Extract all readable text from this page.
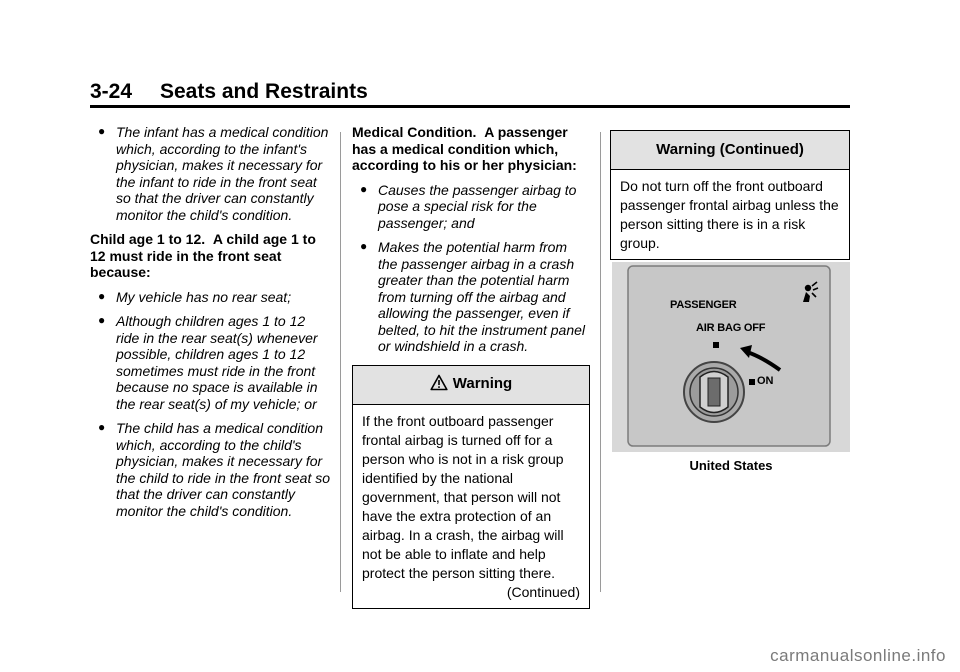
3-24 Seats and Restraints
● The infant has a medical condition which, according to the infant's physician, makes it necessary for the infant to ride in the front seat so that the driver can constantly monitor the child's condition.

Child age 1 to 12. A child age 1 to 12 must ride in the front seat because:

● My vehicle has no rear seat;
● Although children ages 1 to 12 ride in the rear seat(s) whenever possible, children ages 1 to 12 sometimes must ride in the front because no space is available in the rear seat(s) of my vehicle; or
● The child has a medical condition which, according to the child's physician, makes it necessary for the child to ride in the front seat so that the driver can constantly monitor the child's condition.

Medical Condition. A passenger has a medical condition which, according to his or her physician:

● Causes the passenger airbag to pose a special risk for the passenger; and
● Makes the potential harm from the passenger airbag in a crash greater than the potential harm from turning off the airbag and allowing the passenger, even if belted, to hit the instrument panel or windshield in a crash.
Warning
If the front outboard passenger frontal airbag is turned off for a person who is not in a risk group identified by the national government, that person will not have the extra protection of an airbag. In a crash, the airbag will not be able to inflate and help protect the person sitting there.
(Continued)
Warning (Continued)
Do not turn off the front outboard passenger frontal airbag unless the person sitting there is in a risk group.
PASSENGER
AIR BAG OFF
ON
United States
carmanualsonline.info
